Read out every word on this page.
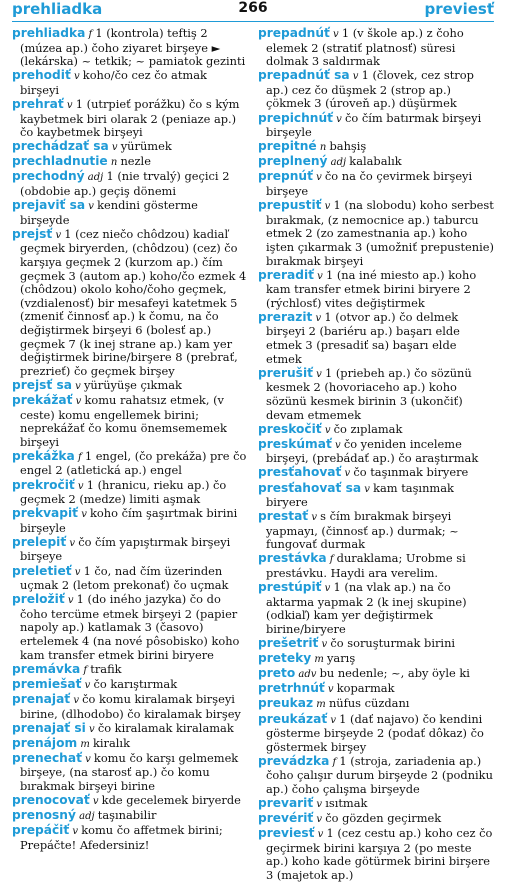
prehliadka	266	previesť
prehliadka f 1 (kontrola) teftiş 2 (múzea ap.) čoho ziyaret birşeye ► (lekárska) ~ tetkik; ~ pamiatok gezinti
prehodiť v koho/čo cez čo atmak birşeyi
prehrať v 1 (utrpieť porážku) čo s kým kaybetmek biri olarak 2 (peniaze ap.) čo kaybetmek birşeyi
prechádzať sa v yürümek
prechladnutie n nezle
prechodný adj 1 (nie trvalý) geçici 2 (obdobie ap.) geçiş dönemi
prejaviť sa v kendini gösterme birşeyde
prejsť v 1 (cez niečo chôdzou) kadiaľ geçmek biryerden, (chôdzou) (cez) čo karşıya geçmek 2 (kurzom ap.) čím geçmek 3 (autom ap.) koho/čo ezmek 4 (chôdzou) okolo koho/čoho geçmek, (vzdialenosť) bir mesafeyi katetmek 5 (zmeniť činnosť ap.) k čomu, na čo değiştirmek birşeyi 6 (bolesť ap.) geçmek 7 (k inej strane ap.) kam yer değiştirmek birine/birşere 8 (prebrať, prezrieť) čo geçmek birşey
prejsť sa v yürüyüşe çıkmak
prekážať v komu rahatsız etmek, (v ceste) komu engellemek birini; neprekážať čo komu önemsememek birşeyi
prekážka f 1 engel, (čo prekáža) pre čo engel 2 (atletická ap.) engel
prekročiť v 1 (hranicu, rieku ap.) čo geçmek 2 (medze) limiti aşmak
prekvapiť v koho čím şaşırtmak birini birşeyle
prelepiť v čo čím yapıştırmak birşeyi birşeye
preletieť v 1 čo, nad čím üzerinden uçmak 2 (letom prekonať) čo uçmak
preložiť v 1 (do iného jazyka) čo do čoho tercüme etmek birşeyi 2 (papier napoly ap.) katlamak 3 (časovo) ertelemek 4 (na nové pôsobisko) koho kam transfer etmek birini biryere
premávka f trafik
premiešať v čo karıştırmak
prenajať v čo komu kiralamak birşeyi birine, (dlhodobo) čo kiralamak birşey
prenajať si v čo kiralamak kiralamak
prenájom m kiralık
prenechať v komu čo karşı gelmemek birşeye, (na starosť ap.) čo komu bırakmak birşeyi birine
prenocovať v kde gecelemek biryerde
prenosný adj taşınabilir
prepáčiť v komu čo affetmek birini; Prepáčte! Afedersiniz!
prepadnúť v 1 (v škole ap.) z čoho elemek 2 (stratiť platnosť) süresi dolmak 3 saldırmak
prepadnúť sa v 1 (človek, cez strop ap.) cez čo düşmek 2 (strop ap.) çökmek 3 (úroveň ap.) düşürmek
prepichnúť v čo čím batırmak birşeyi birşeyle
prepitné n bahşiş
preplnený adj kalabalık
prepnúť v čo na čo çevirmek birşeyi birşeye
prepustiť v 1 (na slobodu) koho serbest bırakmak, (z nemocnice ap.) taburcu etmek 2 (zo zamestnania ap.) koho işten çıkarmak 3 (umožniť prepustenie) bırakmak birşeyi
preradiť v 1 (na iné miesto ap.) koho kam transfer etmek birini biryere 2 (rýchlosť) vites değiştirmek
prerazit v 1 (otvor ap.) čo delmek birşeyi 2 (bariéru ap.) başarı elde etmek 3 (presadiť sa) başarı elde etmek
prerušiť v 1 (priebeh ap.) čo sözünü kesmek 2 (hovoriaceho ap.) koho sözünü kesmek birinin 3 (ukončiť) devam etmemek
preskočiť v čo zıplamak
preskúmať v čo yeniden inceleme birşeyi, (prebádať ap.) čo araştırmak
presťahovať v čo taşınmak biryere
presťahovať sa v kam taşınmak biryere
prestať v s čím bırakmak birşeyi yapmayı, (činnosť ap.) durmak; ~ fungovať durmak
prestávka f duraklama; Urobme si prestávku. Haydi ara verelim.
prestúpiť v 1 (na vlak ap.) na čo aktarma yapmak 2 (k inej skupine) (odkiaľ) kam yer değiştirmek birine/biryere
prešetriť v čo soruşturmak birini
preteky m yarış
preto adv bu nedenle; ~, aby öyle ki
pretrhnúť v koparmak
preukaz m nüfus cüzdanı
preukázať v 1 (dať najavo) čo kendini gösterme birşeyde 2 (podať dôkaz) čo göstermek birşey
prevádzka f 1 (stroja, zariadenia ap.) čoho çalışır durum birşeyde 2 (podniku ap.) čoho çalışma birşeyde
prevariť v ısıtmak
prevériť v čo gözden geçirmek
previesť v 1 (cez cestu ap.) koho cez čo geçirmek birini karşıya 2 (po meste ap.) koho kade götürmek birini birşere 3 (majetok ap.)
